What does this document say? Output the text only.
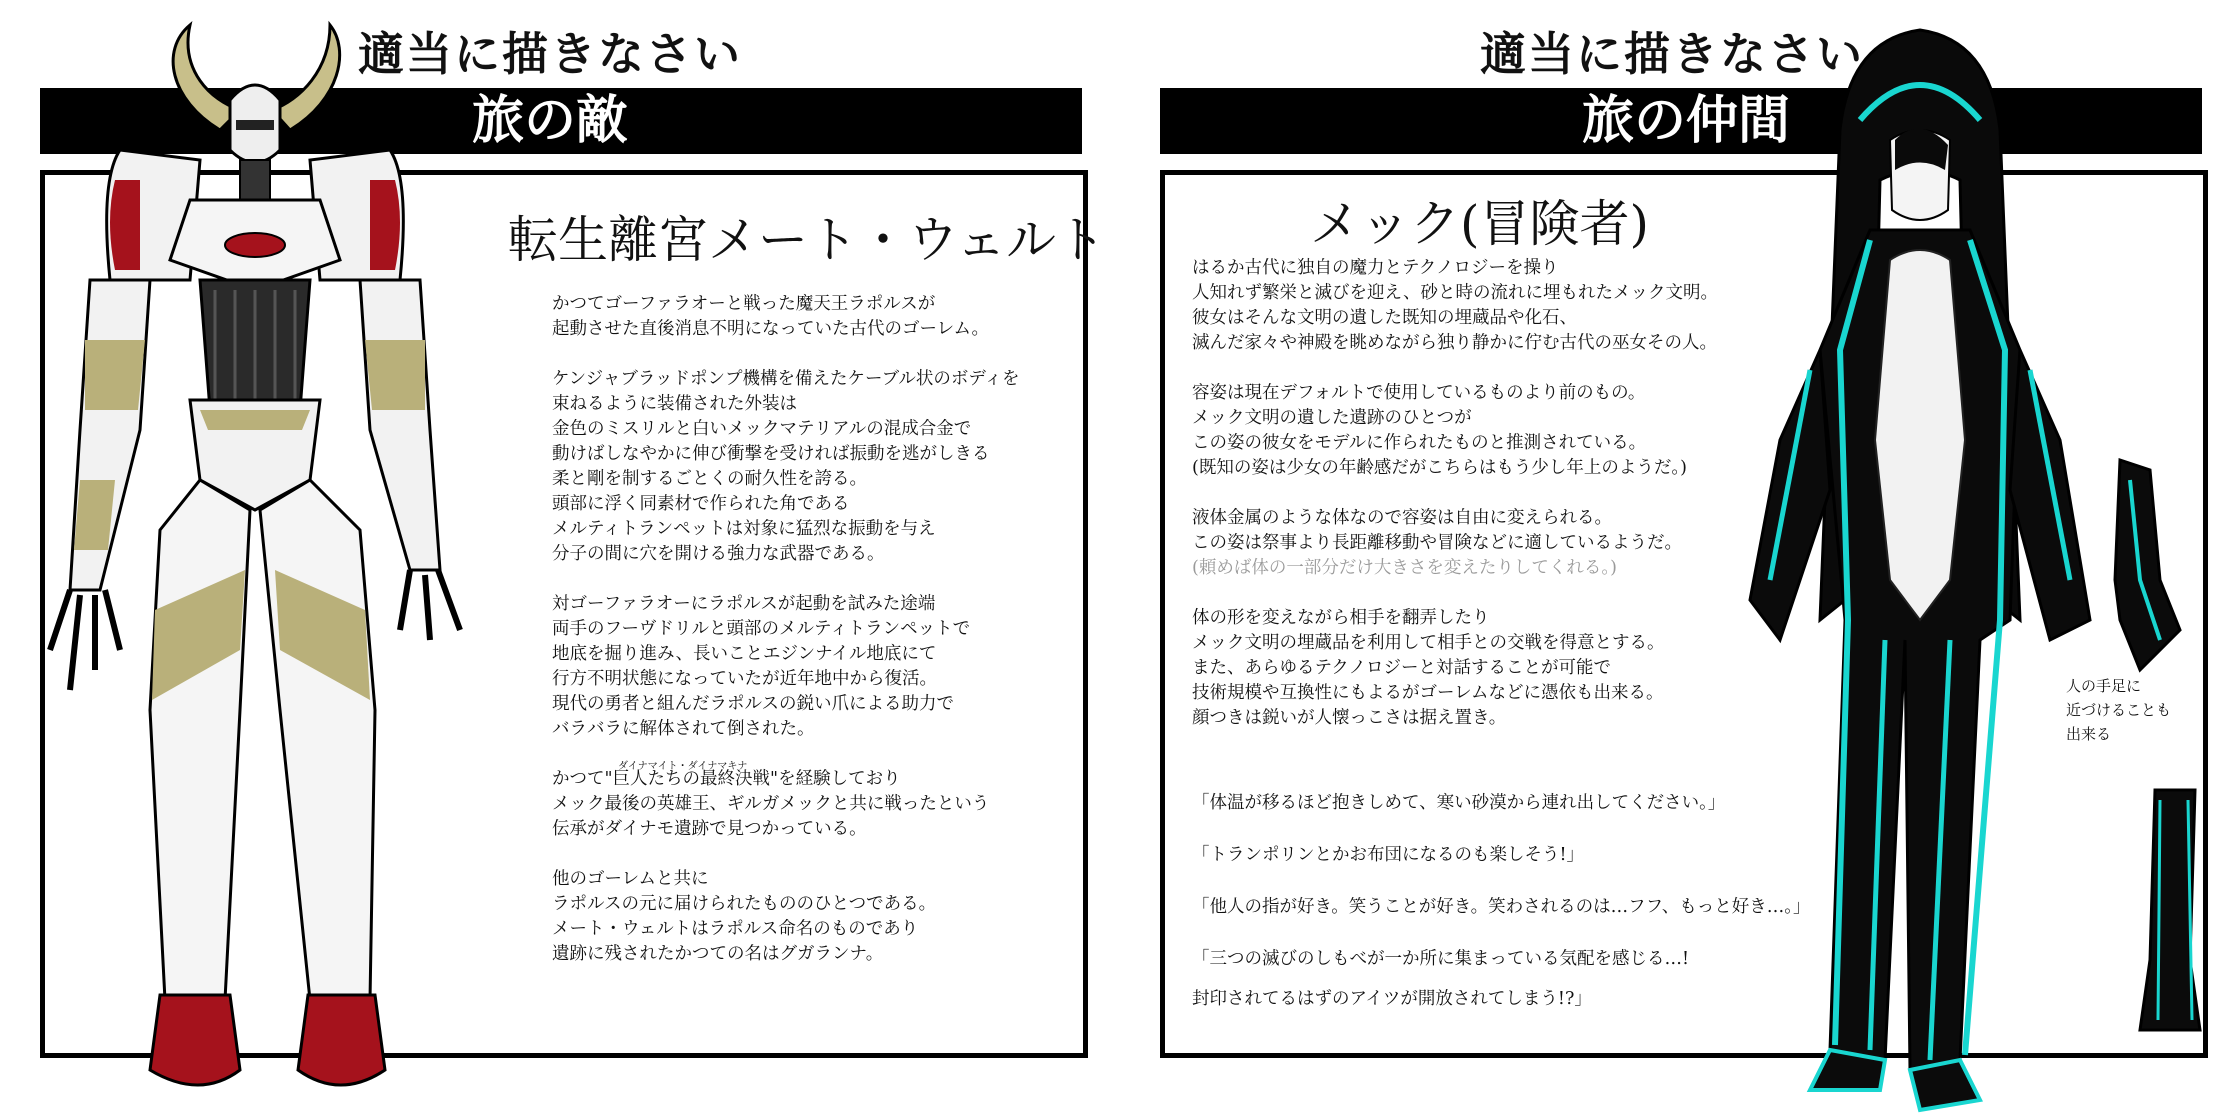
適当に描きなさい
旅の敵
転生離宮メート・ウェルト

かつてゴーファラオーと戦った魔天王ラポルスが

起動させた直後消息不明になっていた古代のゴーレム。

ケンジャブラッドポンプ機構を備えたケーブル状のボディを

束ねるように装備された外装は

金色のミスリルと白いメックマテリアルの混成合金で

動けばしなやかに伸び衝撃を受ければ振動を逃がしきる

柔と剛を制するごとくの耐久性を誇る。

頭部に浮く同素材で作られた角である

メルティトランペットは対象に猛烈な振動を与え

分子の間に穴を開ける強力な武器である。

対ゴーファラオーにラポルスが起動を試みた途端

両手のフーヴドリルと頭部のメルティトランペットで

地底を掘り進み、長いことエジンナイル地底にて

行方不明状態になっていたが近年地中から復活。

現代の勇者と組んだラポルスの鋭い爪による助力で

バラバラに解体されて倒された。

ダイナマイト・ダイナマキナ

かつて"巨人たちの最終決戦"を経験しており

メック最後の英雄王、ギルガメックと共に戦ったという

伝承がダイナモ遺跡で見つかっている。

他のゴーレムと共に

ラポルスの元に届けられたもののひとつである。

メート・ウェルトはラポルス命名のものであり

遺跡に残されたかつての名はグガランナ。

適当に描きなさい
旅の仲間
メック(冒険者)

はるか古代に独自の魔力とテクノロジーを操り

人知れず繁栄と滅びを迎え、砂と時の流れに埋もれたメック文明。

彼女はそんな文明の遺した既知の埋蔵品や化石、

滅んだ家々や神殿を眺めながら独り静かに佇む古代の巫女その人。

容姿は現在デフォルトで使用しているものより前のもの。

メック文明の遺した遺跡のひとつが

この姿の彼女をモデルに作られたものと推測されている。

(既知の姿は少女の年齢感だがこちらはもう少し年上のようだ。)

液体金属のような体なので容姿は自由に変えられる。

この姿は祭事より長距離移動や冒険などに適しているようだ。

(頼めば体の一部分だけ大きさを変えたりしてくれる。)

体の形を変えながら相手を翻弄したり

メック文明の埋蔵品を利用して相手との交戦を得意とする。

また、あらゆるテクノロジーと対話することが可能で

技術規模や互換性にもよるがゴーレムなどに憑依も出来る。

顔つきは鋭いが人懐っこさは据え置き。

「体温が移るほど抱きしめて、寒い砂漠から連れ出してください。」

「トランポリンとかお布団になるのも楽しそう!」

「他人の指が好き。笑うことが好き。笑わされるのは…フフ、もっと好き…。」

「三つの滅びのしもべが一か所に集まっている気配を感じる…!

封印されてるはずのアイツが開放されてしまう!?」

人の手足に
近づけることも
出来る
